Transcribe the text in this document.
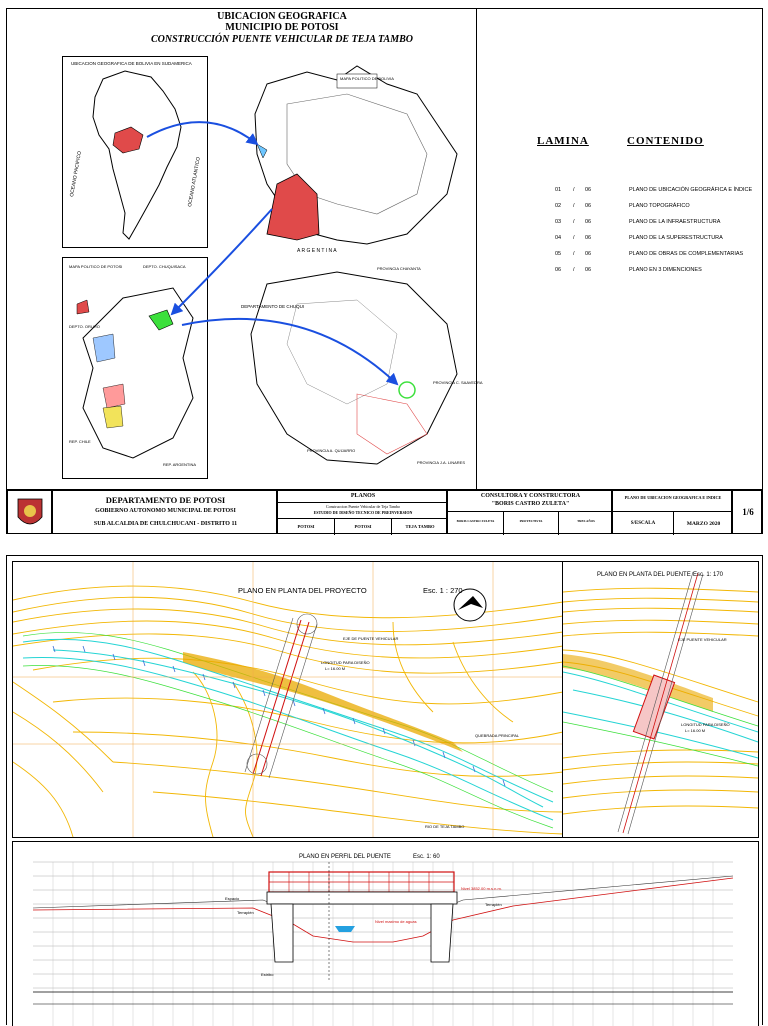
UBICACION GEOGRAFICA
MUNICIPIO DE POTOSI
CONSTRUCCIÓN PUENTE VEHICULAR DE TEJA TAMBO
UBICACION GEOGRAFICA DE BOLIVIA EN SUDAMERICA
OCEANO PACIFICO	OCEANO ATLANTICO
MAPA POLITICO DE BOLIVIA
A R G E N T I N A
MAPA POLITICO DE POTOSI	DEPTO. CHUQUISACA
DEPTO. ORURO
REP. CHILE
REP. ARGENTINA
DEPARTAMENTO DE CHUQUI
PROVINCIA CHAYANTA
PROVINCIA C. SAAVEDRA
PROVINCIA A. QUIJARRO
PROVINCIA J.A. LINARES
LAMINA	CONTENIDO
01 / 06	PLANO DE UBICACIÓN GEOGRÁFICA E ÍNDICE
02 / 06	PLANO TOPOGRÁFICO
03 / 06	PLANO DE LA INFRAESTRUCTURA
04 / 06	PLANO DE LA SUPERESTRUCTURA
05 / 06	PLANO DE OBRAS DE COMPLEMENTARIAS
06 / 06	PLANO EN 3 DIMENCIONES
DEPARTAMENTO DE POTOSI
GOBIERNO AUTONOMO MUNICIPAL DE POTOSI
SUB ALCALDIA DE CHULCHUCANI - DISTRITO 11
PLANOS
Construccion Puente Vehicular de Teja Tambo
ESTUDIO DE DISEÑO TECNICO DE PREINVERSION
POTOSI	POTOSI	TEJA TAMBO
CONSULTORA Y CONSTRUCTORA
"BORIS CASTRO ZULETA"
BORIS CASTRO ZULETA	PROYECTISTA	TRES AÑOS
PLANO DE UBICACION GEOGRAFICA E INDICE
S/ESCALA	MARZO 2020
1/6
PLANO EN PLANTA DEL PROYECTO	Esc. 1 : 270
EJE DE PUENTE VEHICULAR
LONGITUD PARA DISEÑO
L= 16.00 M
QUEBRADA PRINCIPAL
RIO DE TEJA TAMBO
PLANO EN PLANTA DEL PUENTE Esc. 1: 170
EJE PUENTE VEHICULAR
LONGITUD PARA DISEÑO
L= 16.00 M
PLANO EN PERFIL DEL PUENTE	Esc. 1: 60
Nivel 3852.00 m.s.n.m.
Nivel maximo de aguas
Terraplén
Terraplén
Espacio
Estribo
